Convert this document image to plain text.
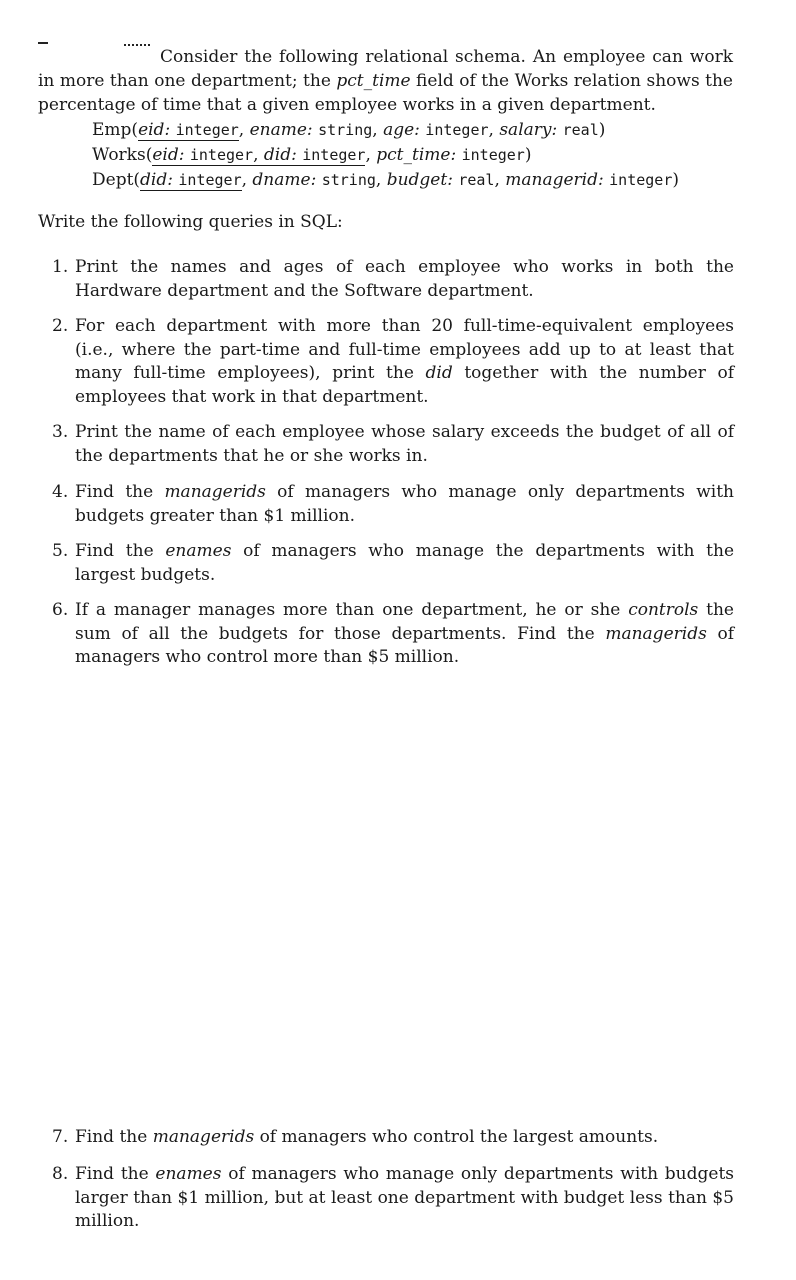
Consider the following relational schema. An employee can work in more than one department; the pct_time field of the Works relation shows the percentage of time that a given employee works in a given department.

Emp(eid: integer, ename: string, age: integer, salary: real)
Works(eid: integer, did: integer, pct_time: integer)
Dept(did: integer, dname: string, budget: real, managerid: integer)
Write the following queries in SQL:
1. Print the names and ages of each employee who works in both the Hardware department and the Software department.
2. For each department with more than 20 full-time-equivalent employees (i.e., where the part-time and full-time employees add up to at least that many full-time employees), print the did together with the number of employees that work in that department.
3. Print the name of each employee whose salary exceeds the budget of all of the departments that he or she works in.
4. Find the managerids of managers who manage only departments with budgets greater than $1 million.
5. Find the enames of managers who manage the departments with the largest budgets.
6. If a manager manages more than one department, he or she controls the sum of all the budgets for those departments. Find the managerids of managers who control more than $5 million.
7. Find the managerids of managers who control the largest amounts.
8. Find the enames of managers who manage only departments with budgets larger than $1 million, but at least one department with budget less than $5 million.
